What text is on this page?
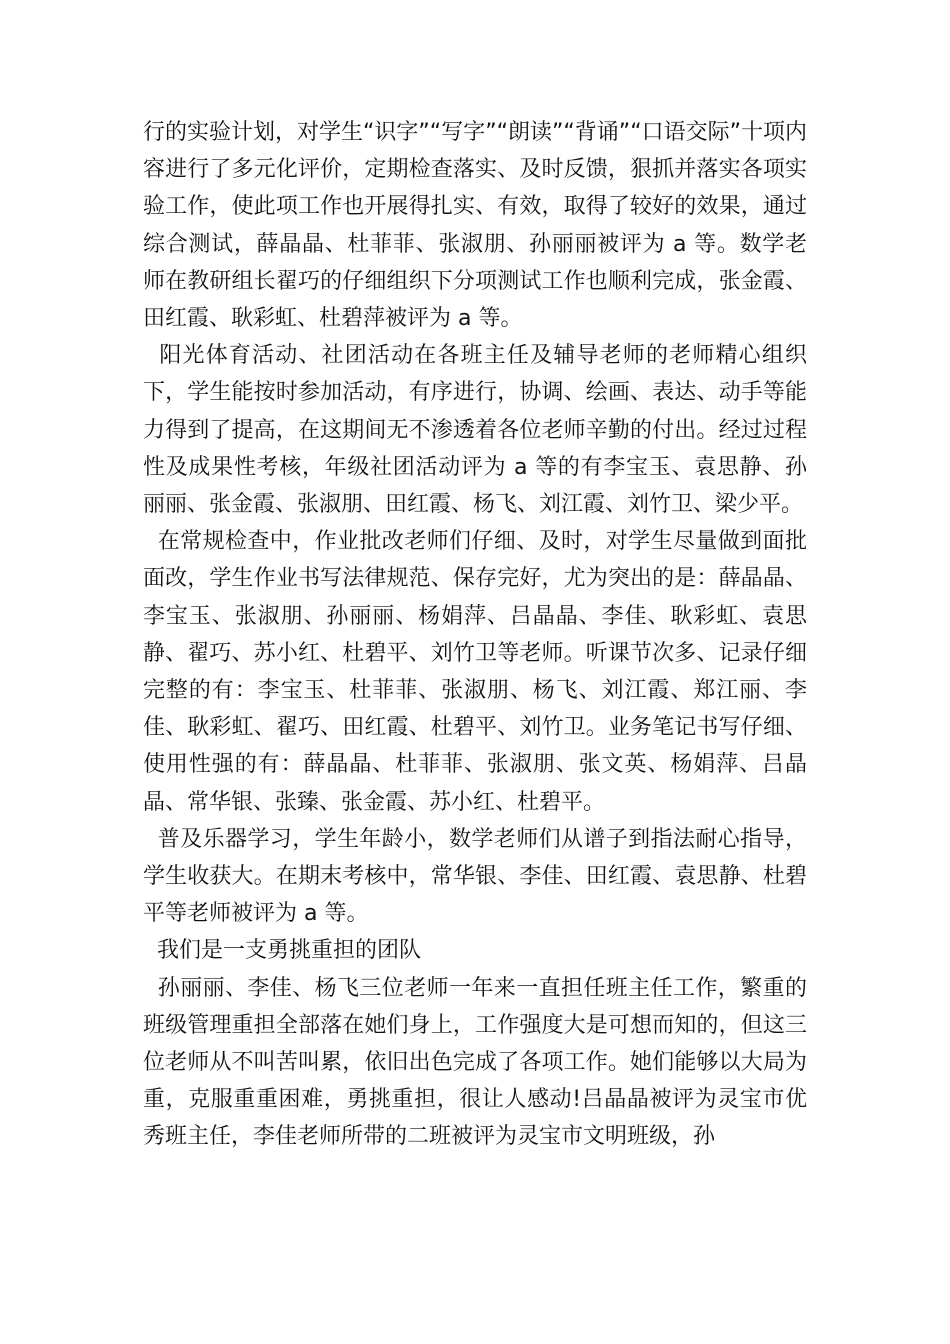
行的实验计划，对学生“识字”“写字”“朗读”“背诵”“口语交际”十项内容进行了多元化评价，定期检查落实、及时反馈，狠抓并落实各项实验工作，使此项工作也开展得扎实、有效，取得了较好的效果，通过综合测试，薛晶晶、杜菲菲、张淑朋、孙丽丽被评为 a 等。数学老师在教研组长翟巧的仔细组织下分项测试工作也顺利完成，张金霞、田红霞、耿彩虹、杜碧萍被评为 a 等。

阳光体育活动、社团活动在各班主任及辅导老师的老师精心组织下，学生能按时参加活动，有序进行，协调、绘画、表达、动手等能力得到了提高，在这期间无不渗透着各位老师辛勤的付出。经过过程性及成果性考核，年级社团活动评为 a 等的有李宝玉、袁思静、孙丽丽、张金霞、张淑朋、田红霞、杨飞、刘江霞、刘竹卫、梁少平。

在常规检查中，作业批改老师们仔细、及时，对学生尽量做到面批面改，学生作业书写法律规范、保存完好，尤为突出的是：薛晶晶、李宝玉、张淑朋、孙丽丽、杨娟萍、吕晶晶、李佳、耿彩虹、袁思静、翟巧、苏小红、杜碧平、刘竹卫等老师。听课节次多、记录仔细完整的有：李宝玉、杜菲菲、张淑朋、杨飞、刘江霞、郑江丽、李佳、耿彩虹、翟巧、田红霞、杜碧平、刘竹卫。业务笔记书写仔细、使用性强的有：薛晶晶、杜菲菲、张淑朋、张文英、杨娟萍、吕晶晶、常华银、张臻、张金霞、苏小红、杜碧平。

普及乐器学习，学生年龄小，数学老师们从谱子到指法耐心指导，学生收获大。在期末考核中，常华银、李佳、田红霞、袁思静、杜碧平等老师被评为 a 等。

我们是一支勇挑重担的团队

孙丽丽、李佳、杨飞三位老师一年来一直担任班主任工作，繁重的班级管理重担全部落在她们身上，工作强度大是可想而知的，但这三位老师从不叫苦叫累，依旧出色完成了各项工作。她们能够以大局为重，克服重重困难，勇挑重担，很让人感动!吕晶晶被评为灵宝市优秀班主任，李佳老师所带的二班被评为灵宝市文明班级，孙
